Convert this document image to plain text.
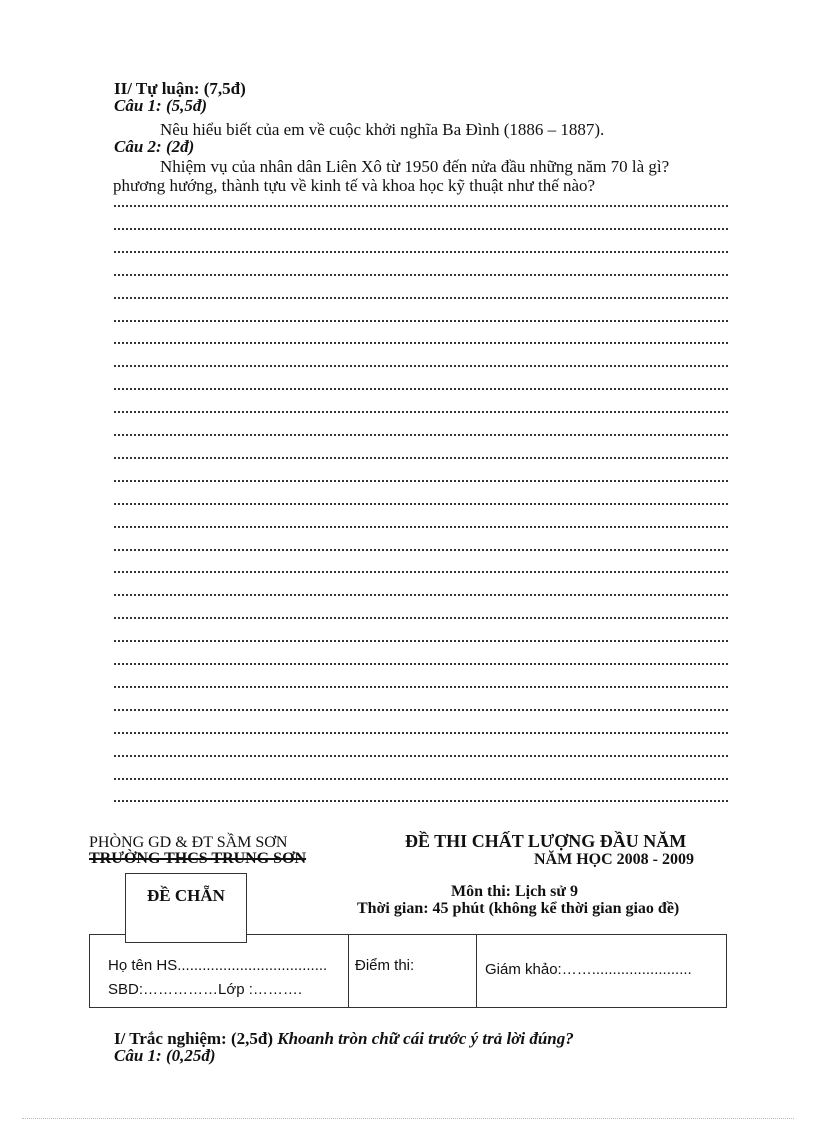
II/ Tự luận: (7,5đ)
Câu 1: (5,5đ)
Nêu hiểu biết của em về cuộc khởi nghĩa Ba Đình (1886 – 1887).
Câu 2: (2đ)
Nhiệm vụ của nhân dân Liên Xô từ 1950 đến nửa đầu những năm 70 là gì?
phương hướng, thành tựu về kinh tế và khoa học kỹ thuật như thế nào?
PHÒNG GD & ĐT SẦM SƠN
TRƯỜNG THCS TRUNG SƠN
ĐỀ THI CHẤT LƯỢNG ĐẦU NĂM
NĂM HỌC 2008 - 2009
ĐỀ CHẴN	Môn thi: Lịch sử 9
Thời gian: 45 phút (không kể thời gian giao đề)
Họ tên HS....................................
SBD:……………Lớp :……….
Điểm thi:	Giám khảo:……........................
I/ Trắc nghiệm: (2,5đ) Khoanh tròn chữ cái trước ý trả lời đúng?
Câu 1: (0,25đ)
